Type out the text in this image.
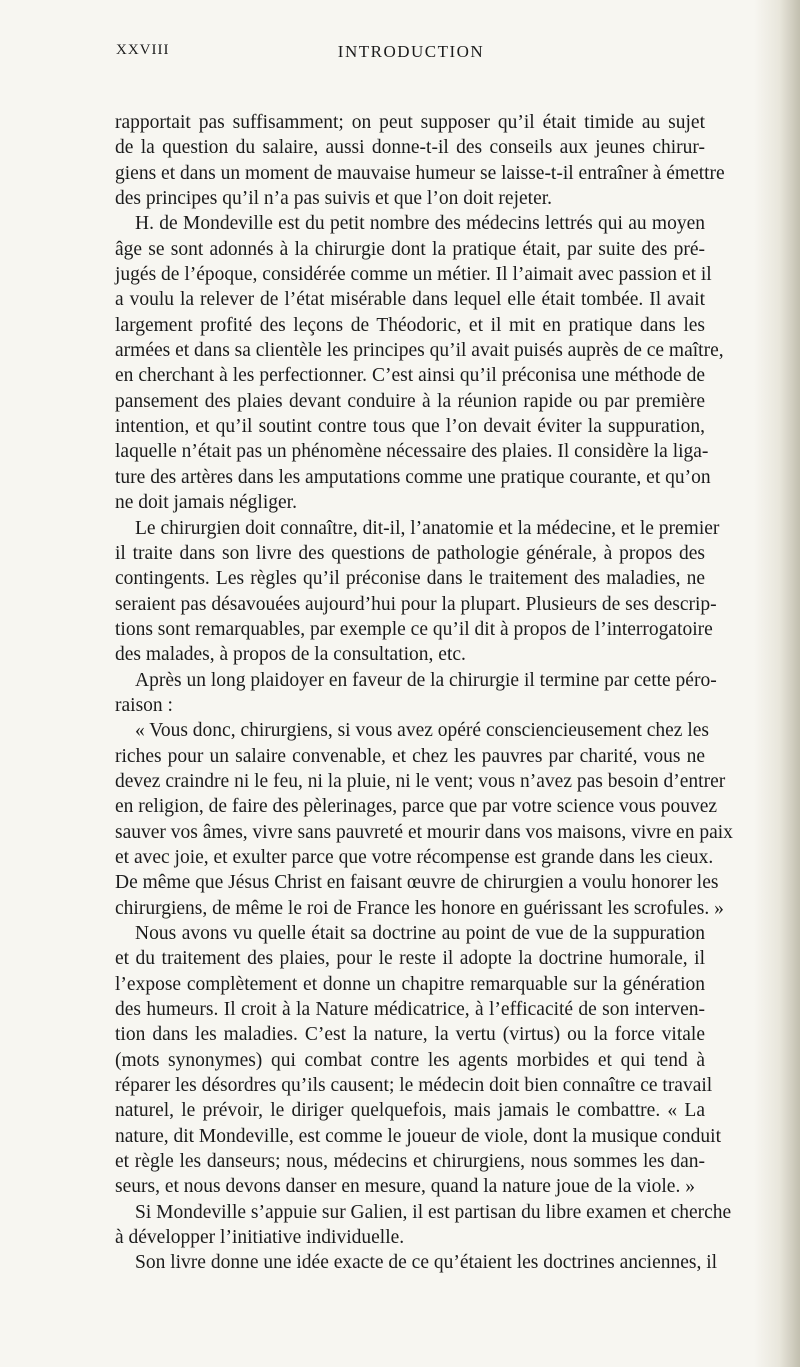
XXVIII	INTRODUCTION
rapportait pas suffisamment; on peut supposer qu’il était timide au sujet
de la question du salaire, aussi donne-t-il des conseils aux jeunes chirur-
giens et dans un moment de mauvaise humeur se laisse-t-il entraîner à émettre
des principes qu’il n’a pas suivis et que l’on doit rejeter.
H. de Mondeville est du petit nombre des médecins lettrés qui au moyen
âge se sont adonnés à la chirurgie dont la pratique était, par suite des pré-
jugés de l’époque, considérée comme un métier. Il l’aimait avec passion et il
a voulu la relever de l’état misérable dans lequel elle était tombée. Il avait
largement profité des leçons de Théodoric, et il mit en pratique dans les
armées et dans sa clientèle les principes qu’il avait puisés auprès de ce maître,
en cherchant à les perfectionner. C’est ainsi qu’il préconisa une méthode de
pansement des plaies devant conduire à la réunion rapide ou par première
intention, et qu’il soutint contre tous que l’on devait éviter la suppuration,
laquelle n’était pas un phénomène nécessaire des plaies. Il considère la liga-
ture des artères dans les amputations comme une pratique courante, et qu’on
ne doit jamais négliger.
Le chirurgien doit connaître, dit-il, l’anatomie et la médecine, et le premier
il traite dans son livre des questions de pathologie générale, à propos des
contingents. Les règles qu’il préconise dans le traitement des maladies, ne
seraient pas désavouées aujourd’hui pour la plupart. Plusieurs de ses descrip-
tions sont remarquables, par exemple ce qu’il dit à propos de l’interrogatoire
des malades, à propos de la consultation, etc.
Après un long plaidoyer en faveur de la chirurgie il termine par cette péro-
raison :
« Vous donc, chirurgiens, si vous avez opéré consciencieusement chez les
riches pour un salaire convenable, et chez les pauvres par charité, vous ne
devez craindre ni le feu, ni la pluie, ni le vent; vous n’avez pas besoin d’entrer
en religion, de faire des pèlerinages, parce que par votre science vous pouvez
sauver vos âmes, vivre sans pauvreté et mourir dans vos maisons, vivre en paix
et avec joie, et exulter parce que votre récompense est grande dans les cieux.
De même que Jésus Christ en faisant œuvre de chirurgien a voulu honorer les
chirurgiens, de même le roi de France les honore en guérissant les scrofules. »
Nous avons vu quelle était sa doctrine au point de vue de la suppuration
et du traitement des plaies, pour le reste il adopte la doctrine humorale, il
l’expose complètement et donne un chapitre remarquable sur la génération
des humeurs. Il croit à la Nature médicatrice, à l’efficacité de son interven-
tion dans les maladies. C’est la nature, la vertu (virtus) ou la force vitale
(mots synonymes) qui combat contre les agents morbides et qui tend à
réparer les désordres qu’ils causent; le médecin doit bien connaître ce travail
naturel, le prévoir, le diriger quelquefois, mais jamais le combattre. « La
nature, dit Mondeville, est comme le joueur de viole, dont la musique conduit
et règle les danseurs; nous, médecins et chirurgiens, nous sommes les dan-
seurs, et nous devons danser en mesure, quand la nature joue de la viole. »
Si Mondeville s’appuie sur Galien, il est partisan du libre examen et cherche
à développer l’initiative individuelle.
Son livre donne une idée exacte de ce qu’étaient les doctrines anciennes, il
